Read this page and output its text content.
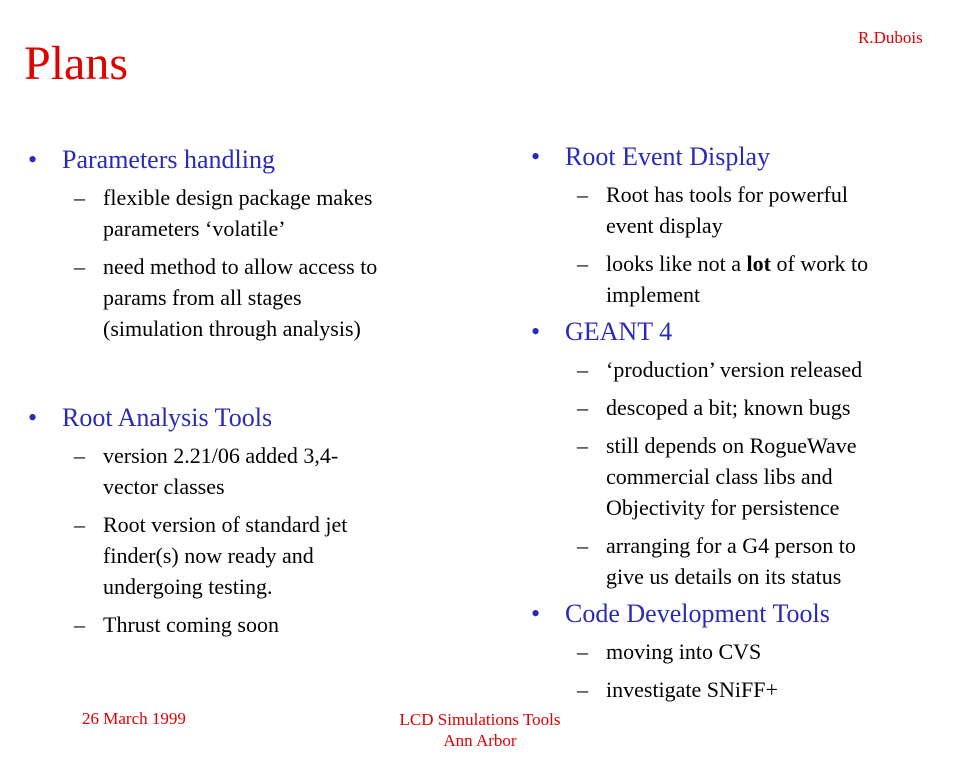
R.Dubois
Plans
• Parameters handling
– flexible design package makes
parameters ‘volatile’
– need method to allow access to
params from all stages
(simulation through analysis)
• Root Analysis Tools
– version 2.21/06 added 3,4-
vector classes
– Root version of standard jet
finder(s) now ready and
undergoing testing.
– Thrust coming soon
• Root Event Display
– Root has tools for powerful
event display
– looks like not a lot of work to
implement
• GEANT 4
– ‘production’ version released
– descoped a bit; known bugs
– still depends on RogueWave
commercial class libs and
Objectivity for persistence
– arranging for a G4 person to
give us details on its status
• Code Development Tools
– moving into CVS
– investigate SNiFF+
26 March 1999	LCD Simulations Tools
Ann Arbor
